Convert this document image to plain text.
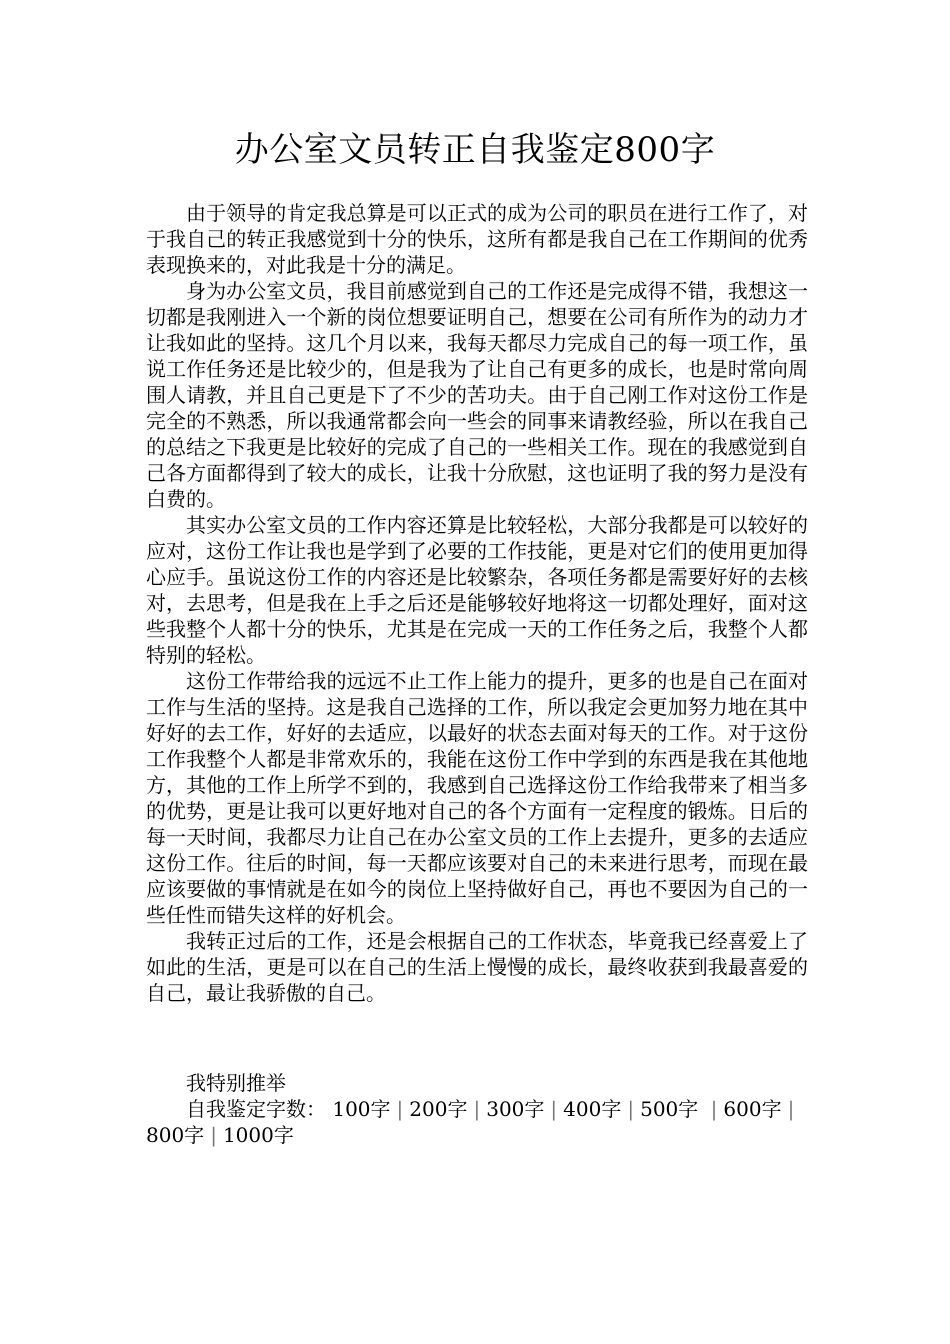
办公室文员转正自我鉴定800字

由于领导的肯定我总算是可以正式的成为公司的职员在进行工作了，对于我自己的转正我感觉到十分的快乐，这所有都是我自己在工作期间的优秀表现换来的，对此我是十分的满足。

身为办公室文员，我目前感觉到自己的工作还是完成得不错，我想这一切都是我刚进入一个新的岗位想要证明自己，想要在公司有所作为的动力才让我如此的坚持。这几个月以来，我每天都尽力完成自己的每一项工作，虽说工作任务还是比较少的，但是我为了让自己有更多的成长，也是时常向周围人请教，并且自己更是下了不少的苦功夫。由于自己刚工作对这份工作是完全的不熟悉，所以我通常都会向一些会的同事来请教经验，所以在我自己的总结之下我更是比较好的完成了自己的一些相关工作。现在的我感觉到自己各方面都得到了较大的成长，让我十分欣慰，这也证明了我的努力是没有白费的。

其实办公室文员的工作内容还算是比较轻松，大部分我都是可以较好的应对，这份工作让我也是学到了必要的工作技能，更是对它们的使用更加得心应手。虽说这份工作的内容还是比较繁杂，各项任务都是需要好好的去核对，去思考，但是我在上手之后还是能够较好地将这一切都处理好，面对这些我整个人都十分的快乐，尤其是在完成一天的工作任务之后，我整个人都特别的轻松。

这份工作带给我的远远不止工作上能力的提升，更多的也是自己在面对工作与生活的坚持。这是我自己选择的工作，所以我定会更加努力地在其中好好的去工作，好好的去适应，以最好的状态去面对每天的工作。对于这份工作我整个人都是非常欢乐的，我能在这份工作中学到的东西是我在其他地方，其他的工作上所学不到的，我感到自己选择这份工作给我带来了相当多的优势，更是让我可以更好地对自己的各个方面有一定程度的锻炼。日后的每一天时间，我都尽力让自己在办公室文员的工作上去提升，更多的去适应这份工作。往后的时间，每一天都应该要对自己的未来进行思考，而现在最应该要做的事情就是在如今的岗位上坚持做好自己，再也不要因为自己的一些任性而错失这样的好机会。

我转正过后的工作，还是会根据自己的工作状态，毕竟我已经喜爱上了如此的生活，更是可以在自己的生活上慢慢的成长，最终收获到我最喜爱的自己，最让我骄傲的自己。

我特别推举

自我鉴定字数： 100字 | 200字 | 300字 | 400字 | 500字 | 600字 |800字 | 1000字
